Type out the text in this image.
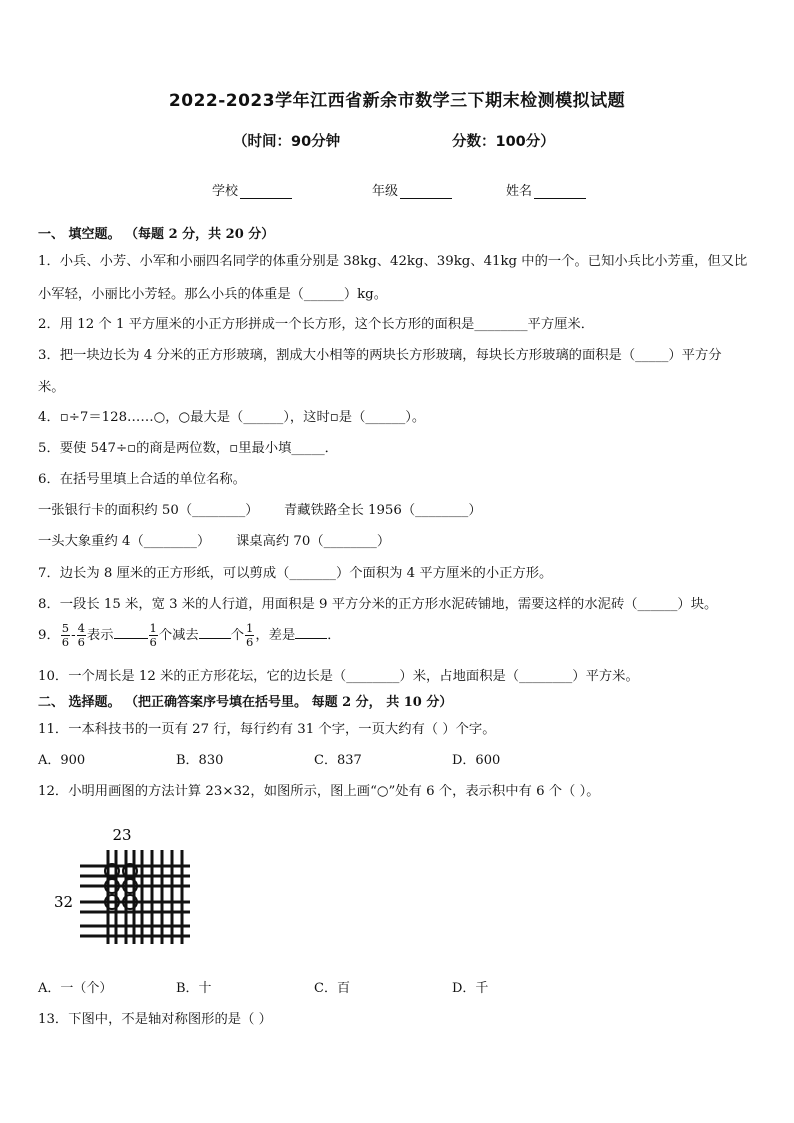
2022-2023学年江西省新余市数学三下期末检测模拟试题
（时间：90分钟	分数：100分）
学校	年级	姓名
一、 填空题。 （每题 2 分，共 20 分）
1．小兵、小芳、小军和小丽四名同学的体重分别是 38kg、42kg、39kg、41kg 中的一个。已知小兵比小芳重，但又比
小军轻，小丽比小芳轻。那么小兵的体重是（______）kg。
2．用 12 个 1 平方厘米的小正方形拼成一个长方形，这个长方形的面积是________平方厘米．
3．把一块边长为 4 分米的正方形玻璃，割成大小相等的两块长方形玻璃，每块长方形玻璃的面积是（_____）平方分
米。
4．▫÷7＝128……○，○最大是（______），这时▫是（______）。
5．要使 547÷▫的商是两位数，▫里最小填_____．
6．在括号里填上合适的单位名称。
一张银行卡的面积约 50（________） 青藏铁路全长 1956（________）
一头大象重约 4（________） 课桌高约 70（________）
7．边长为 8 厘米的正方形纸，可以剪成（_______）个面积为 4 平方厘米的小正方形。
8．一段长 15 米，宽 3 米的人行道，用面积是 9 平方分米的正方形水泥砖铺地，需要这样的水泥砖（______）块。
9． $\frac{5}{6} - \frac{4}{6}$ 表示	$\frac{1}{6}$ 个减去 个 $\frac{1}{6}$ ，差是 ．
10．一个周长是 12 米的正方形花坛，它的边长是（________）米，占地面积是（________）平方米。
二、 选择题。 （把正确答案序号填在括号里。 每题 2 分， 共 10 分）
11．一本科技书的一页有 27 行，每行约有 31 个字，一页大约有（ ）个字。
A．900	B．830	C．837	D．600
12．小明用画图的方法计算 23×32，如图所示，图上画“○”处有 6 个，表示积中有 6 个（ ）。
23
32
A．一（个）	B．十	C．百	D．千
13．下图中，不是轴对称图形的是（ ）
